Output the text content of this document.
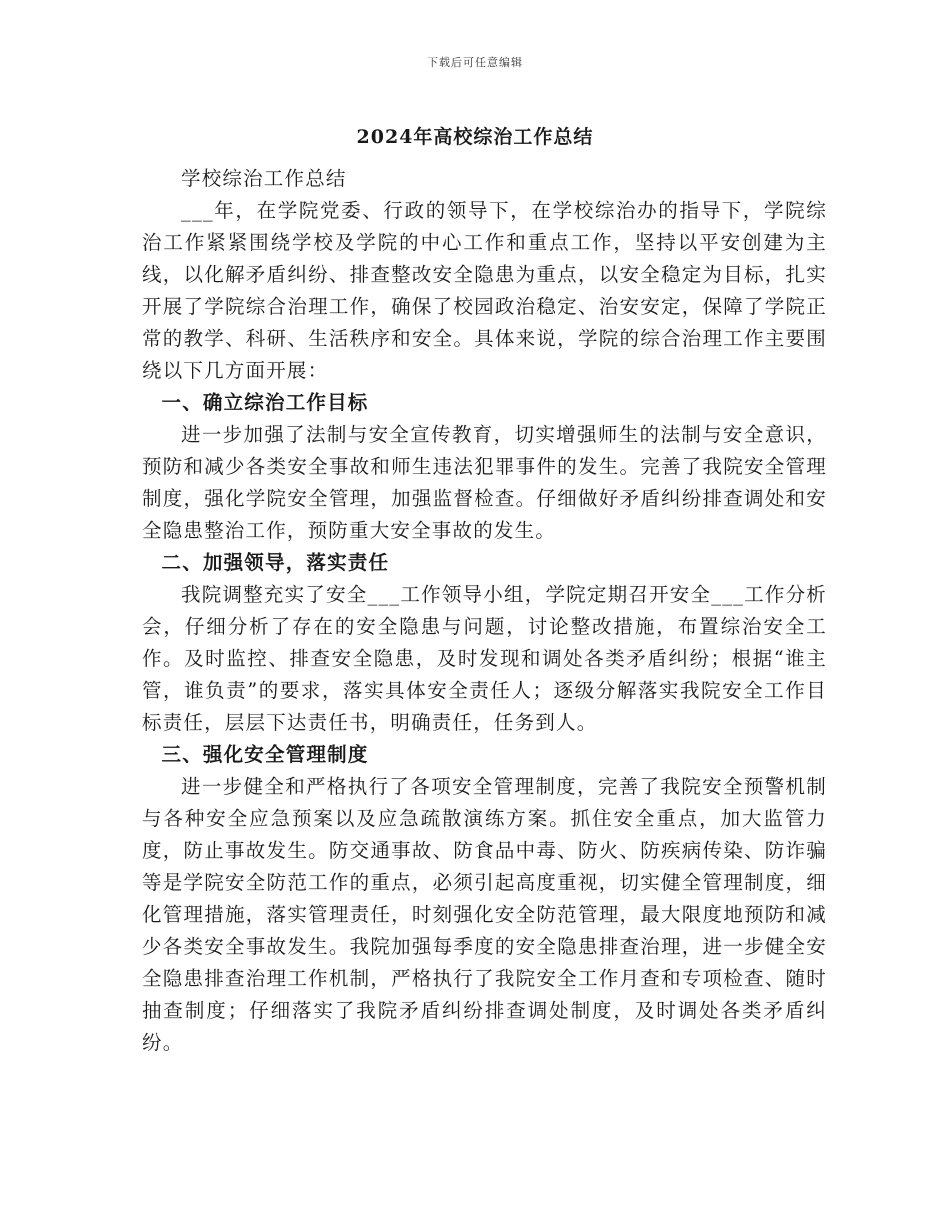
下载后可任意编辑
2024年高校综治工作总结

学校综治工作总结

___年，在学院党委、行政的领导下，在学校综治办的指导下，学院综治工作紧紧围绕学校及学院的中心工作和重点工作，坚持以平安创建为主线，以化解矛盾纠纷、排查整改安全隐患为重点，以安全稳定为目标，扎实开展了学院综合治理工作，确保了校园政治稳定、治安安定，保障了学院正常的教学、科研、生活秩序和安全。具体来说，学院的综合治理工作主要围绕以下几方面开展：

一、确立综治工作目标

进一步加强了法制与安全宣传教育，切实增强师生的法制与安全意识，预防和减少各类安全事故和师生违法犯罪事件的发生。完善了我院安全管理制度，强化学院安全管理，加强监督检查。仔细做好矛盾纠纷排查调处和安全隐患整治工作，预防重大安全事故的发生。

二、加强领导，落实责任

我院调整充实了安全___工作领导小组，学院定期召开安全___工作分析会，仔细分析了存在的安全隐患与问题，讨论整改措施，布置综治安全工作。及时监控、排查安全隐患，及时发现和调处各类矛盾纠纷；根据“谁主管，谁负责”的要求，落实具体安全责任人；逐级分解落实我院安全工作目标责任，层层下达责任书，明确责任，任务到人。

三、强化安全管理制度

进一步健全和严格执行了各项安全管理制度，完善了我院安全预警机制与各种安全应急预案以及应急疏散演练方案。抓住安全重点，加大监管力度，防止事故发生。防交通事故、防食品中毒、防火、防疾病传染、防诈骗等是学院安全防范工作的重点，必须引起高度重视，切实健全管理制度，细化管理措施，落实管理责任，时刻强化安全防范管理，最大限度地预防和减少各类安全事故发生。我院加强每季度的安全隐患排查治理，进一步健全安全隐患排查治理工作机制，严格执行了我院安全工作月查和专项检查、随时抽查制度；仔细落实了我院矛盾纠纷排查调处制度，及时调处各类矛盾纠纷。
